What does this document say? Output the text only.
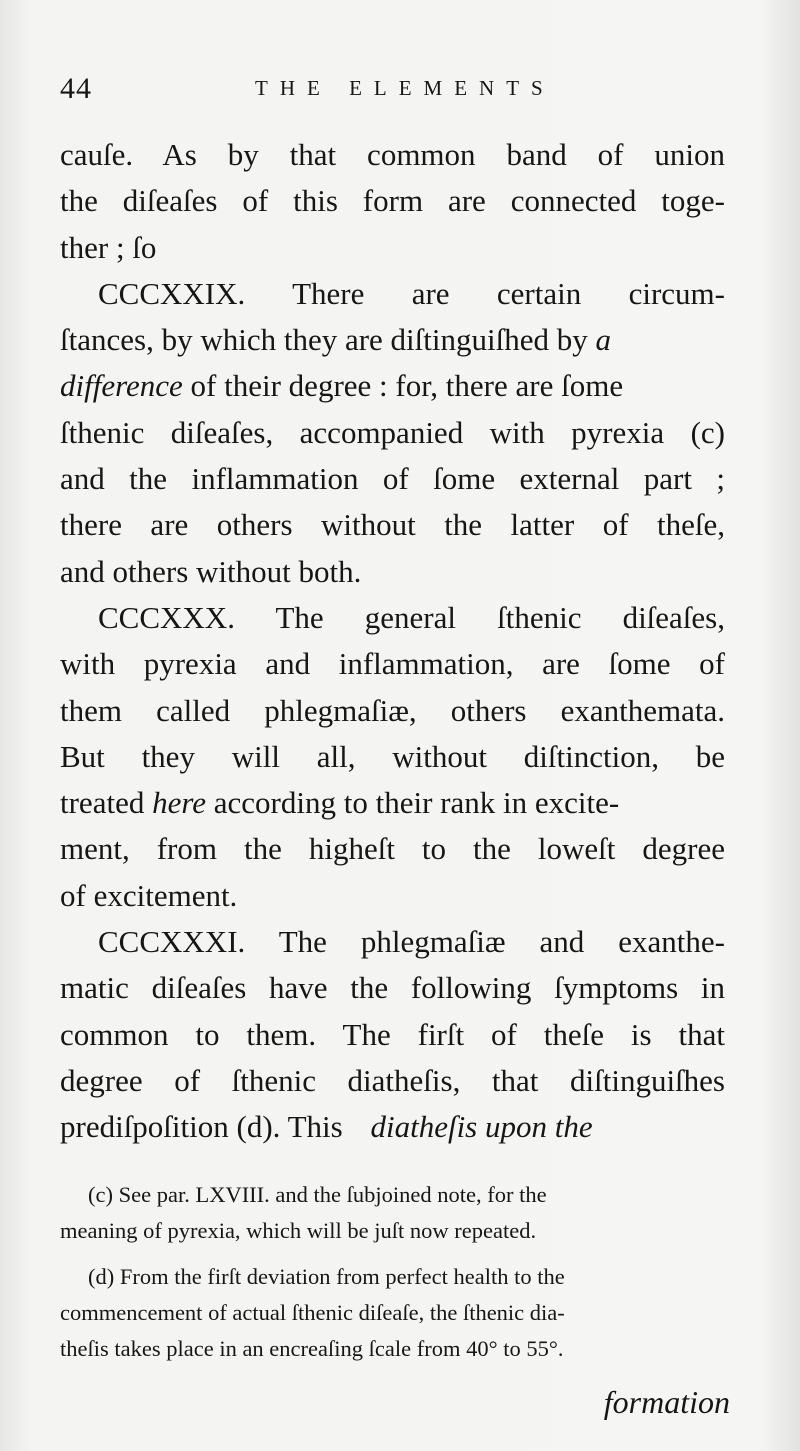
44	THE ELEMENTS
cauſe. As by that common band of union
the diſeaſes of this form are connected toge-
ther ; ſo
CCCXXIX. There are certain circum-
ſtances, by which they are diſtinguiſhed by a
difference of their degree : for, there are ſome
ſthenic diſeaſes, accompanied with pyrexia (c)
and the inflammation of ſome external part ;
there are others without the latter of theſe,
and others without both.
CCCXXX. The general ſthenic diſeaſes,
with pyrexia and inflammation, are ſome of
them called phlegmaſiæ, others exanthemata.
But they will all, without diſtinction, be
treated here according to their rank in excite-
ment, from the higheſt to the loweſt degree
of excitement.
CCCXXXI. The phlegmaſiæ and exanthe-
matic diſeaſes have the following ſymptoms in
common to them. The firſt of theſe is that
degree of ſthenic diatheſis, that diſtinguiſhes
prediſpoſition (d). This diatheſis upon the
(c) See par. LXVIII. and the ſubjoined note, for the
meaning of pyrexia, which will be juſt now repeated.
(d) From the firſt deviation from perfect health to the
commencement of actual ſthenic diſeaſe, the ſthenic dia-
theſis takes place in an encreaſing ſcale from 40° to 55°.
formation
